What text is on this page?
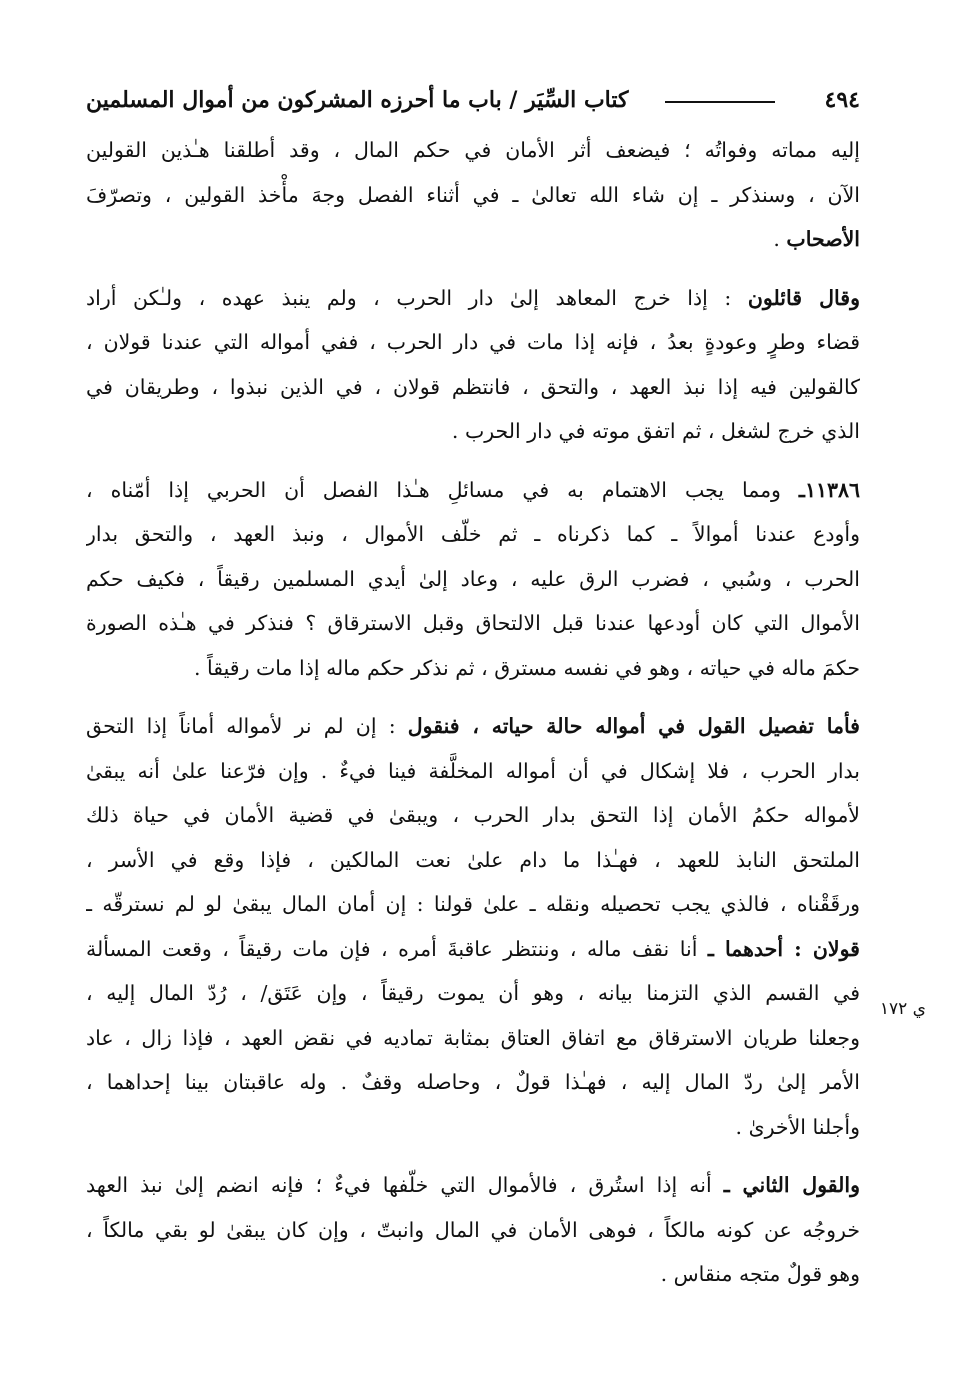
٤٩٤
كتاب السِّيَر / باب ما أحرزه المشركون من أموال المسلمين
ي ١٧٢
إليه مماته وفواتُه ؛ فيضعف أثر الأمان في حكم المال ، وقد أطلقنا هـٰذين القولين
الآن ، وسنذكر ـ إن شاء الله تعالىٰ ـ في أثناء الفصل وجهَ مأْخذ القولين ، وتصرّفَ
الأصحاب .
وقال قائلون : إذا خرج المعاهد إلىٰ دار الحرب ، ولم ينبذ عهده ، ولـٰكن أراد
قضاء وطرٍ وعودةٍ بعدُ ، فإنه إذا مات في دار الحرب ، ففي أمواله التي عندنا قولان ،
كالقولين فيه إذا نبذ العهد ، والتحق ، فانتظم قولان ، في الذين نبذوا ، وطريقان في
الذي خرج لشغل ، ثم اتفق موته في دار الحرب .
١١٣٨٦ـ ومما يجب الاهتمام به في مسائلِ هـٰذا الفصل أن الحربي إذا أمّناه ،
وأودع عندنا أموالاً ـ كما ذكرناه ـ ثم خلّف الأموال ، ونبذ العهد ، والتحق بدار
الحرب ، وسُبي ، فضرب الرق عليه ، وعاد إلىٰ أيدي المسلمين رقيقاً ، فكيف حكم
الأموال التي كان أودعها عندنا قبل الالتحاق وقبل الاسترقاق ؟ فنذكر في هـٰذه الصورة
حكمَ ماله في حياته ، وهو في نفسه مسترق ، ثم نذكر حكم ماله إذا مات رقيقاً .
فأما تفصيل القول في أمواله حالة حياته ، فنقول : إن لم نر لأمواله أماناً إذا التحق
بدار الحرب ، فلا إشكال في أن أمواله المخلَّفة فينا فيءٌ . وإن فرّعنا علىٰ أنه يبقىٰ
لأمواله حكمُ الأمان إذا التحق بدار الحرب ، ويبقىٰ في قضية الأمان في حياة ذلك
الملتحق النابذ للعهد ، فهـٰذا ما دام علىٰ نعت المالكين ، فإذا وقع في الأسر ،
ورقَقْناه ، فالذي يجب تحصيله ونقله ـ علىٰ قولنا : إن أمان المال يبقىٰ لو لم نسترقّه ـ
قولان : أحدهما ـ أنا نقف ماله ، وننتظر عاقبةَ أمره ، فإن مات رقيقاً ، وقعت المسألة
في القسم الذي التزمنا بيانه ، وهو أن يموت رقيقاً ، وإن عَتَق/ ، رُدّ المال إليه ،
وجعلنا طريان الاسترقاق مع اتفاق العتاق بمثابة تماديه في نقض العهد ، فإذا زال ، عاد
الأمر إلىٰ ردّ المال إليه ، فهـٰذا قولٌ ، وحاصله وقفٌ . وله عاقبتان بينا إحداهما ،
وأجلنا الأخرىٰ .
والقول الثاني ـ أنه إذا استُرق ، فالأموال التي خلّفها فيءٌ ؛ فإنه انضم إلىٰ نبذ العهد
خروجُه عن كونه مالكاً ، فوهى الأمان في المال وانبتّ ، وإن كان يبقىٰ لو بقي مالكاً ،
وهو قولٌ متجه منقاس .
